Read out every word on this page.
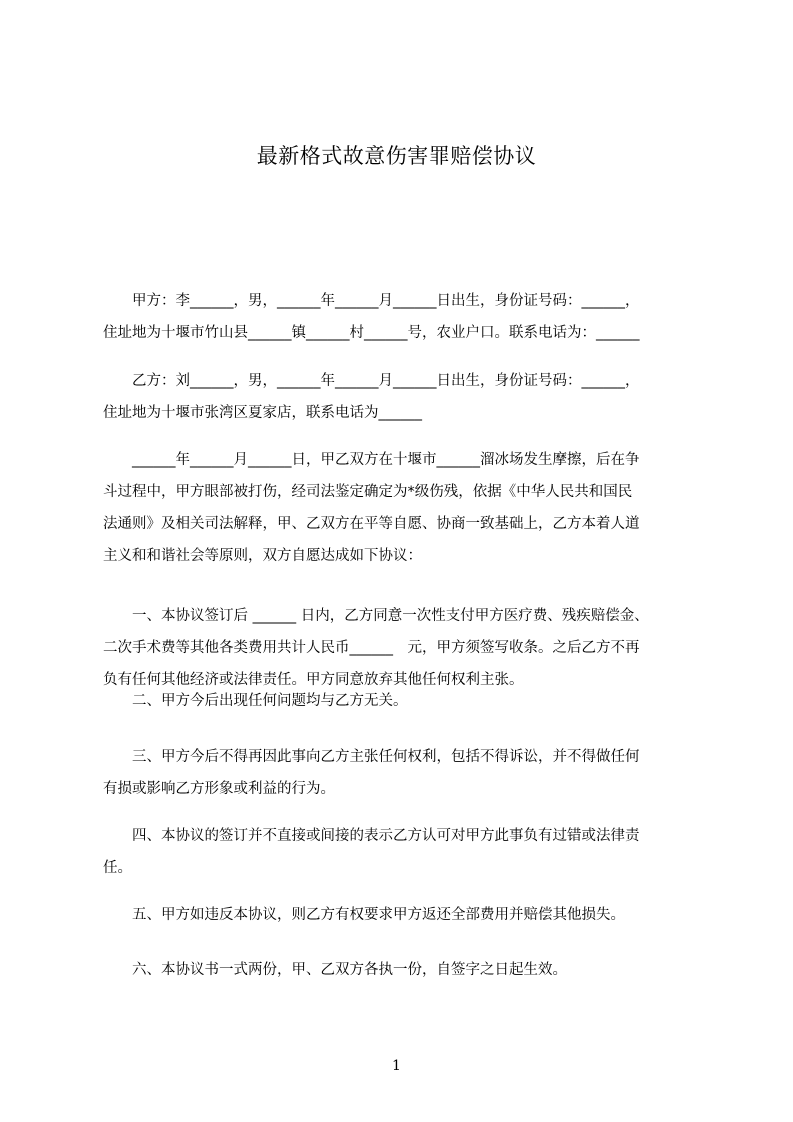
最新格式故意伤害罪赔偿协议
　　甲方：李______，男，______年______月______日出生，身份证号码：______，
住址地为十堰市竹山县______镇______村______号，农业户口。联系电话为：______
　　乙方：刘______，男，______年______月______日出生，身份证号码：______，
住址地为十堰市张湾区夏家店，联系电话为______
　　______年______月______日，甲乙双方在十堰市______溜冰场发生摩擦，后在争
斗过程中，甲方眼部被打伤，经司法鉴定确定为*级伤残，依据《中华人民共和国民
法通则》及相关司法解释，甲、乙双方在平等自愿、协商一致基础上，乙方本着人道
主义和和谐社会等原则，双方自愿达成如下协议：
　　一、本协议签订后 ______ 日内，乙方同意一次性支付甲方医疗费、残疾赔偿金、
二次手术费等其他各类费用共计人民币______　元，甲方须签写收条。之后乙方不再
负有任何其他经济或法律责任。甲方同意放弃其他任何权利主张。
　　二、甲方今后出现任何问题均与乙方无关。
　　三、甲方今后不得再因此事向乙方主张任何权利，包括不得诉讼，并不得做任何
有损或影响乙方形象或利益的行为。
　　四、本协议的签订并不直接或间接的表示乙方认可对甲方此事负有过错或法律责
任。
　　五、甲方如违反本协议，则乙方有权要求甲方返还全部费用并赔偿其他损失。
　　六、本协议书一式两份，甲、乙双方各执一份，自签字之日起生效。
1
